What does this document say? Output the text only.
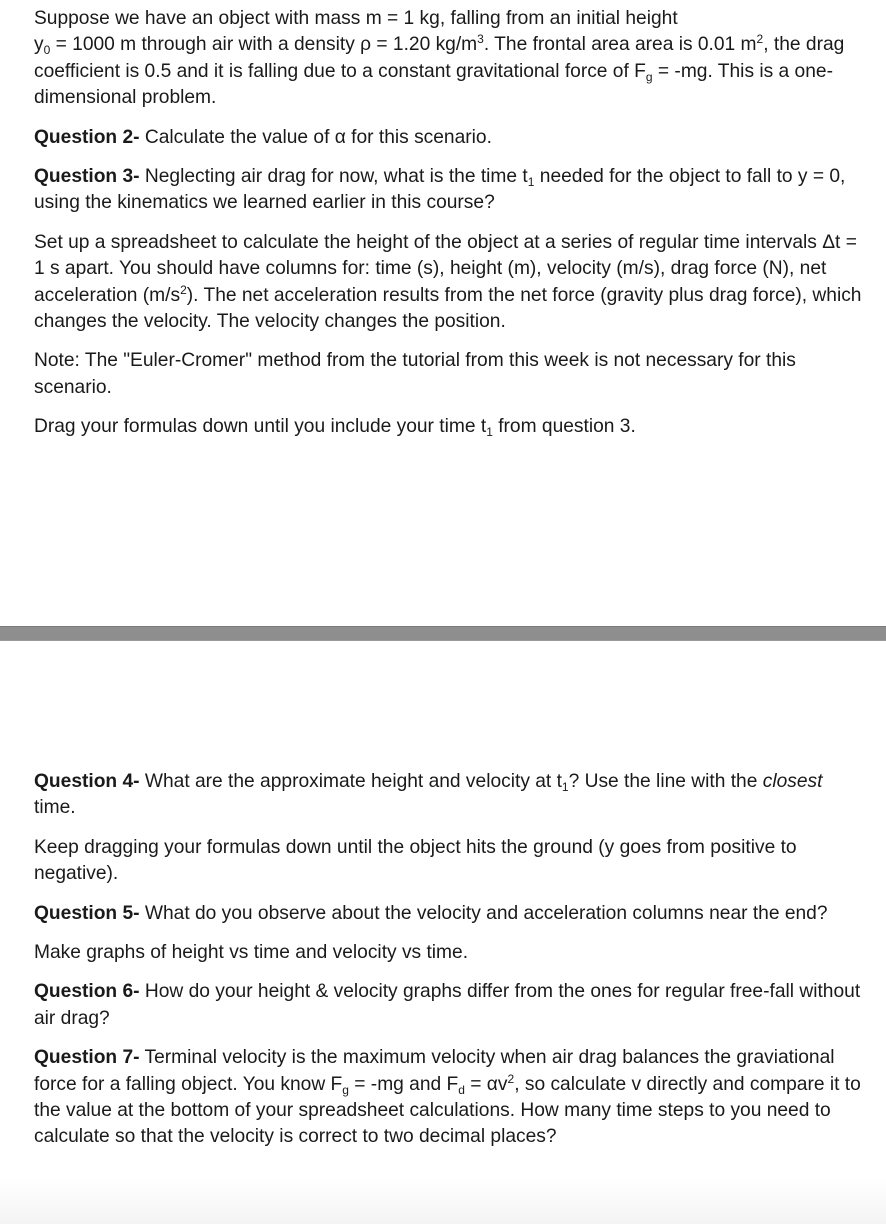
Suppose we have an object with mass m = 1 kg, falling from an initial height
$y_0 = 1000$ m through air with a density ρ = 1.20 $kg/m^3$. The frontal area area is 0.01 $m^2$, the drag coefficient is 0.5 and it is falling due to a constant gravitational force of $F_g = -mg$. This is a one-dimensional problem.

Question 2- Calculate the value of α for this scenario.

Question 3- Neglecting air drag for now, what is the time $t_1$ needed for the object to fall to y = 0, using the kinematics we learned earlier in this course?

Set up a spreadsheet to calculate the height of the object at a series of regular time intervals Δt = 1 s apart. You should have columns for: time (s), height (m), velocity (m/s), drag force (N), net acceleration $(m/s^2)$. The net acceleration results from the net force (gravity plus drag force), which changes the velocity. The velocity changes the position.

Note: The "Euler-Cromer" method from the tutorial from this week is not necessary for this scenario.

Drag your formulas down until you include your time $t_1$ from question 3.

Question 4- What are the approximate height and velocity at $t_1$? Use the line with the closest time.

Keep dragging your formulas down until the object hits the ground (y goes from positive to negative).

Question 5- What do you observe about the velocity and acceleration columns near the end?

Make graphs of height vs time and velocity vs time.

Question 6- How do your height & velocity graphs differ from the ones for regular free-fall without air drag?

Question 7- Terminal velocity is the maximum velocity when air drag balances the graviational force for a falling object. You know $F_g = -mg$ and $F_d = \alpha v^2$, so calculate v directly and compare it to the value at the bottom of your spreadsheet calculations. How many time steps to you need to calculate so that the velocity is correct to two decimal places?
